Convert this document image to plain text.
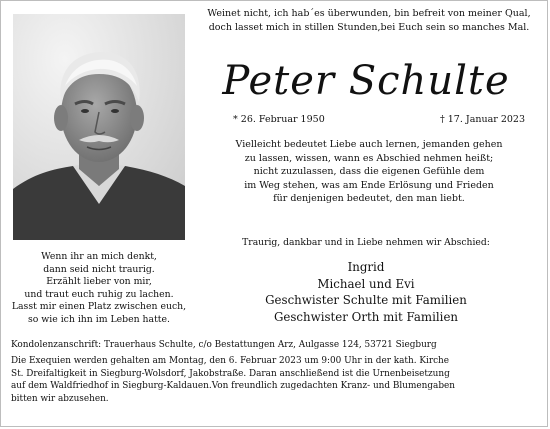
Wenn ihr an mich denkt,
dann seid nicht traurig.
Erzählt lieber von mir,
und traut euch ruhig zu lachen.
Lasst mir einen Platz zwischen euch,
so wie ich ihn im Leben hatte.
Weinet nicht, ich hab´es überwunden, bin befreit von meiner Qual,
doch lasset mich in stillen Stunden,bei Euch sein so manches Mal.
Peter Schulte
* 26. Februar 1950	† 17. Januar 2023
Vielleicht bedeutet Liebe auch lernen, jemanden gehen
zu lassen, wissen, wann es Abschied nehmen heißt;
nicht zuzulassen, dass die eigenen Gefühle dem
im Weg stehen, was am Ende Erlösung und Frieden
für denjenigen bedeutet, den man liebt.
Traurig, dankbar und in Liebe nehmen wir Abschied:
Ingrid
Michael und Evi
Geschwister Schulte mit Familien
Geschwister Orth mit Familien

Kondolenzanschrift: Trauerhaus Schulte, c/o Bestattungen Arz, Aulgasse 124, 53721 Siegburg

Die Exequien werden gehalten am Montag, den 6. Februar 2023 um 9:00 Uhr in der kath. Kirche
St. Dreifaltigkeit in Siegburg-Wolsdorf, Jakobstraße. Daran anschließend ist die Urnenbeisetzung
auf dem Waldfriedhof in Siegburg-Kaldauen.Von freundlich zugedachten Kranz- und Blumengaben
bitten wir abzusehen.
